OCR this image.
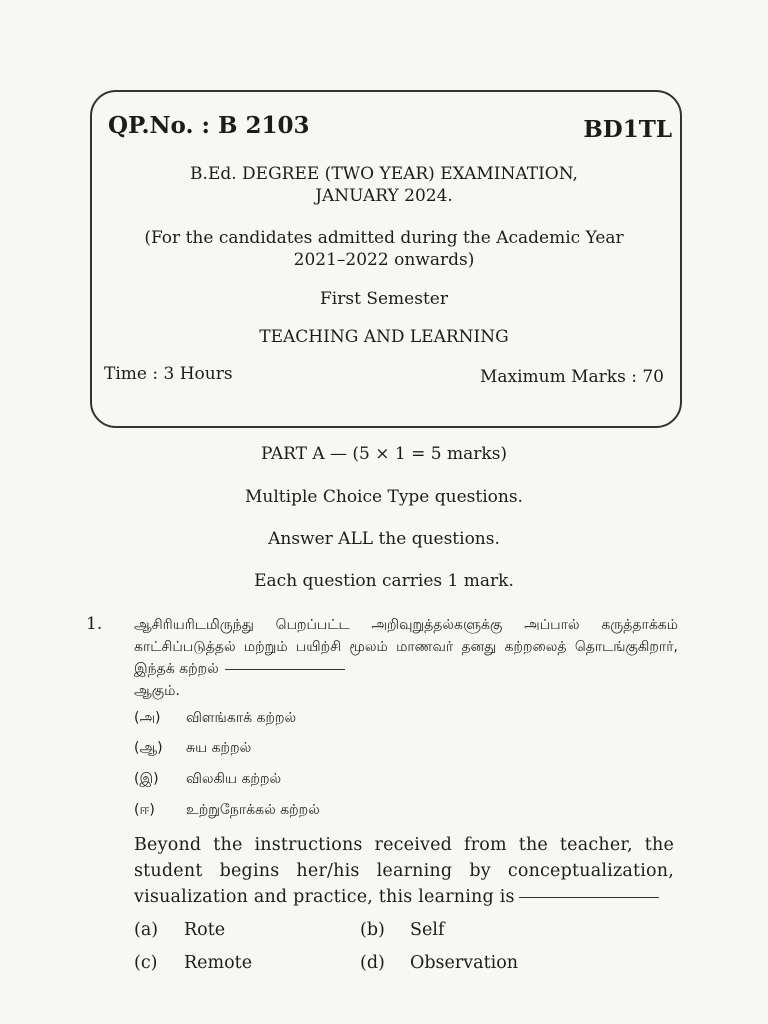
QP.No. : B 2103	BD1TL
B.Ed. DEGREE (TWO YEAR) EXAMINATION,
JANUARY 2024.
(For the candidates admitted during the Academic Year
2021–2022 onwards)
First Semester
TEACHING AND LEARNING
Time : 3 Hours	Maximum Marks : 70
PART A — (5 × 1 = 5 marks)
Multiple Choice Type questions.
Answer ALL the questions.
Each question carries 1 mark.
1. ஆசிரியரிடமிருந்து பெறப்பட்ட அறிவுறுத்தல்களுக்கு அப்பால் கருத்தாக்கம் காட்சிப்படுத்தல் மற்றும் பயிற்சி மூலம் மாணவர் தனது கற்றலைத் தொடங்குகிறார், இந்தக் கற்றல்
ஆகும்.
(அ) விளங்காக் கற்றல்
(ஆ) சுய கற்றல்
(இ) விலகிய கற்றல்
(ஈ) உற்றுநோக்கல் கற்றல்
Beyond the instructions received from the teacher, the student begins her/his learning by conceptualization, visualization and practice, this learning is
(a) Rote	(b) Self
(c) Remote	(d) Observation
